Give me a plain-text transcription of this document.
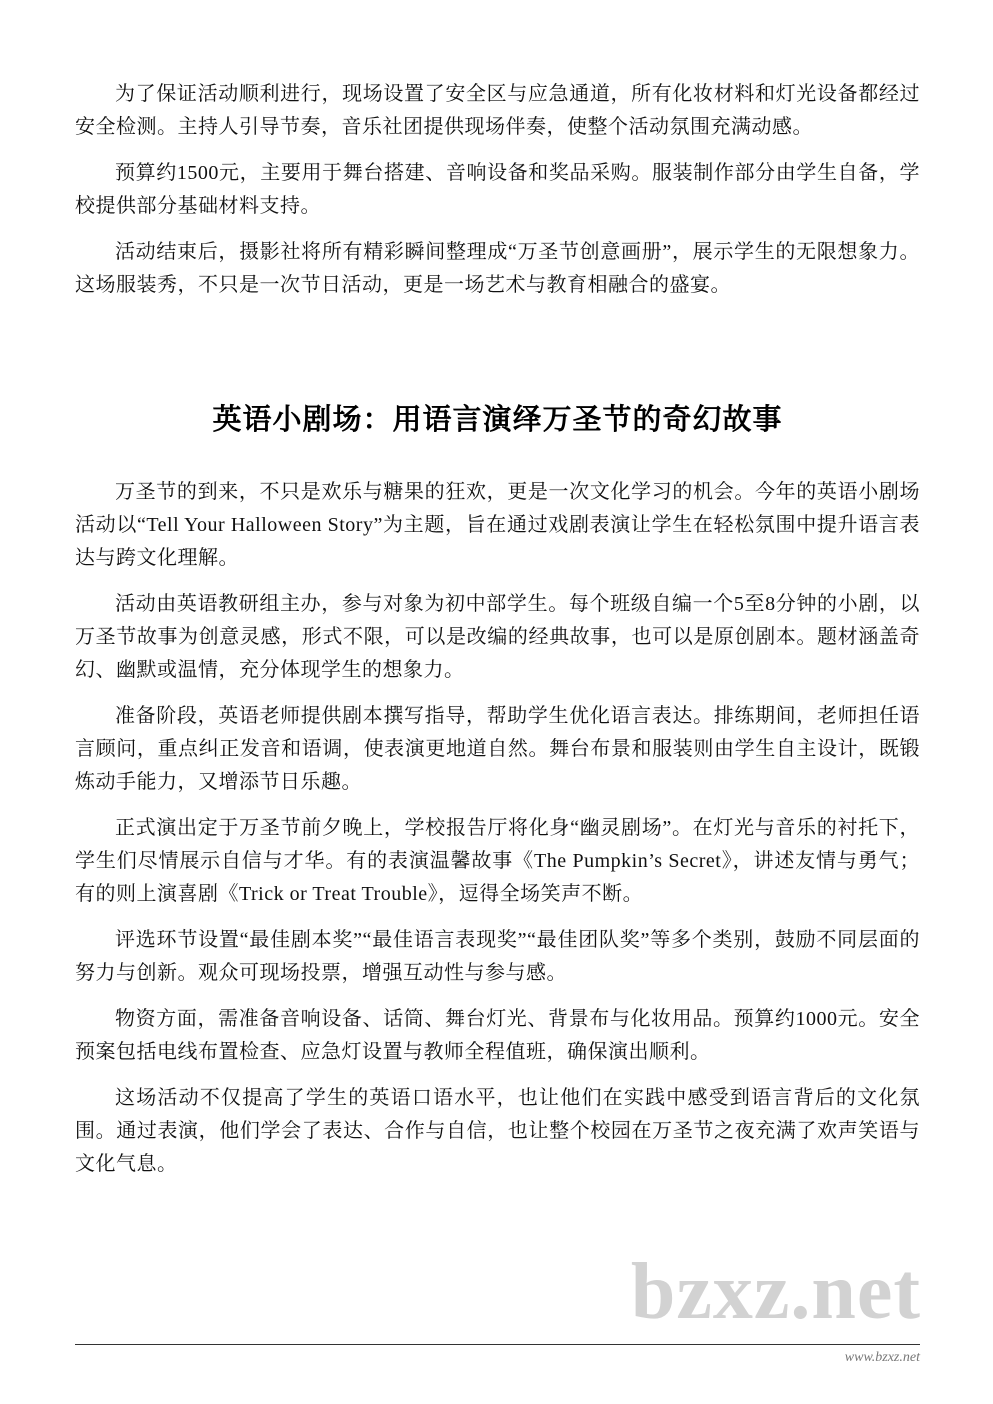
为了保证活动顺利进行，现场设置了安全区与应急通道，所有化妆材料和灯光设备都经过安全检测。主持人引导节奏，音乐社团提供现场伴奏，使整个活动氛围充满动感。

预算约1500元，主要用于舞台搭建、音响设备和奖品采购。服装制作部分由学生自备，学校提供部分基础材料支持。

活动结束后，摄影社将所有精彩瞬间整理成“万圣节创意画册”，展示学生的无限想象力。这场服装秀，不只是一次节日活动，更是一场艺术与教育相融合的盛宴。

英语小剧场：用语言演绎万圣节的奇幻故事

万圣节的到来，不只是欢乐与糖果的狂欢，更是一次文化学习的机会。今年的英语小剧场活动以“Tell Your Halloween Story”为主题，旨在通过戏剧表演让学生在轻松氛围中提升语言表达与跨文化理解。

活动由英语教研组主办，参与对象为初中部学生。每个班级自编一个5至8分钟的小剧，以万圣节故事为创意灵感，形式不限，可以是改编的经典故事，也可以是原创剧本。题材涵盖奇幻、幽默或温情，充分体现学生的想象力。

准备阶段，英语老师提供剧本撰写指导，帮助学生优化语言表达。排练期间，老师担任语言顾问，重点纠正发音和语调，使表演更地道自然。舞台布景和服装则由学生自主设计，既锻炼动手能力，又增添节日乐趣。

正式演出定于万圣节前夕晚上，学校报告厅将化身“幽灵剧场”。在灯光与音乐的衬托下，学生们尽情展示自信与才华。有的表演温馨故事《The Pumpkin’s Secret》，讲述友情与勇气；有的则上演喜剧《Trick or Treat Trouble》，逗得全场笑声不断。

评选环节设置“最佳剧本奖”“最佳语言表现奖”“最佳团队奖”等多个类别，鼓励不同层面的努力与创新。观众可现场投票，增强互动性与参与感。

物资方面，需准备音响设备、话筒、舞台灯光、背景布与化妆用品。预算约1000元。安全预案包括电线布置检查、应急灯设置与教师全程值班，确保演出顺利。

这场活动不仅提高了学生的英语口语水平，也让他们在实践中感受到语言背后的文化氛围。通过表演，他们学会了表达、合作与自信，也让整个校园在万圣节之夜充满了欢声笑语与文化气息。

bzxz.net
www.bzxz.net
